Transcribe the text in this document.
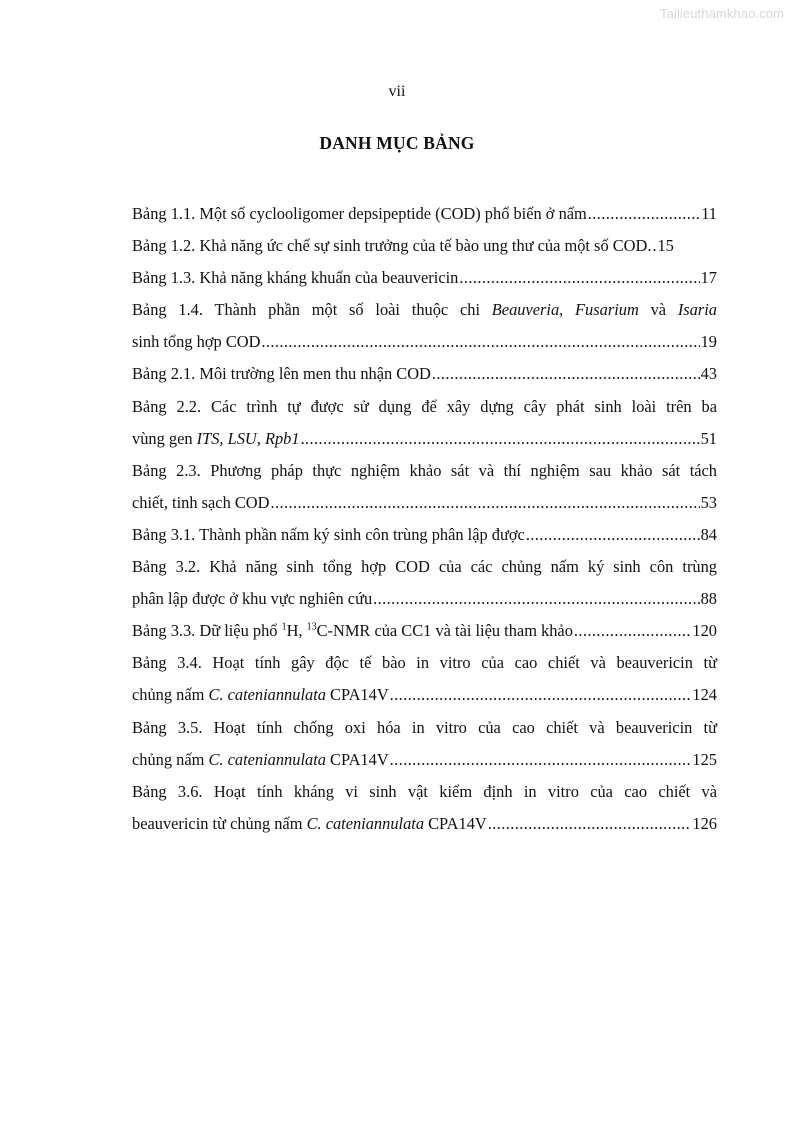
Tailieuthamkhao.com
vii
DANH MỤC BẢNG
Bảng 1.1. Một số cyclooligomer depsipeptide (COD) phổ biến ở nấm .....	11
Bảng 1.2. Khả năng ức chế sự sinh trưởng của tế bào ung thư của một số COD. ..... 15
Bảng 1.3. Khả năng kháng khuẩn của beauvericin .....	17
Bảng 1.4. Thành phần một số loài thuộc chi Beauveria, Fusarium và Isaria
sinh tổng hợp COD .....	19
Bảng 2.1. Môi trường lên men thu nhận COD .....	43
Bảng 2.2. Các trình tự được sử dụng để xây dựng cây phát sinh loài trên ba
vùng gen ITS, LSU, Rpb1 .....	51
Bảng 2.3. Phương pháp thực nghiệm khảo sát và thí nghiệm sau khảo sát tách
chiết, tinh sạch COD .....	53
Bảng 3.1. Thành phần nấm ký sinh côn trùng phân lập được .....	84
Bảng 3.2. Khả năng sinh tổng hợp COD của các chủng nấm ký sinh côn trùng
phân lập được ở khu vực nghiên cứu .....	88
Bảng 3.3. Dữ liệu phổ $^1$H, $^{13}$C-NMR của CC1 và tài liệu tham khảo .....	120
Bảng 3.4. Hoạt tính gây độc tế bào in vitro của cao chiết và beauvericin từ
chủng nấm C. cateniannulata CPA14V .....	124
Bảng 3.5. Hoạt tính chống oxi hóa in vitro của cao chiết và beauvericin từ
chủng nấm C. cateniannulata CPA14V .....	125
Bảng 3.6. Hoạt tính kháng vi sinh vật kiểm định in vitro của cao chiết và
beauvericin từ chủng nấm C. cateniannulata CPA14V .....	126
